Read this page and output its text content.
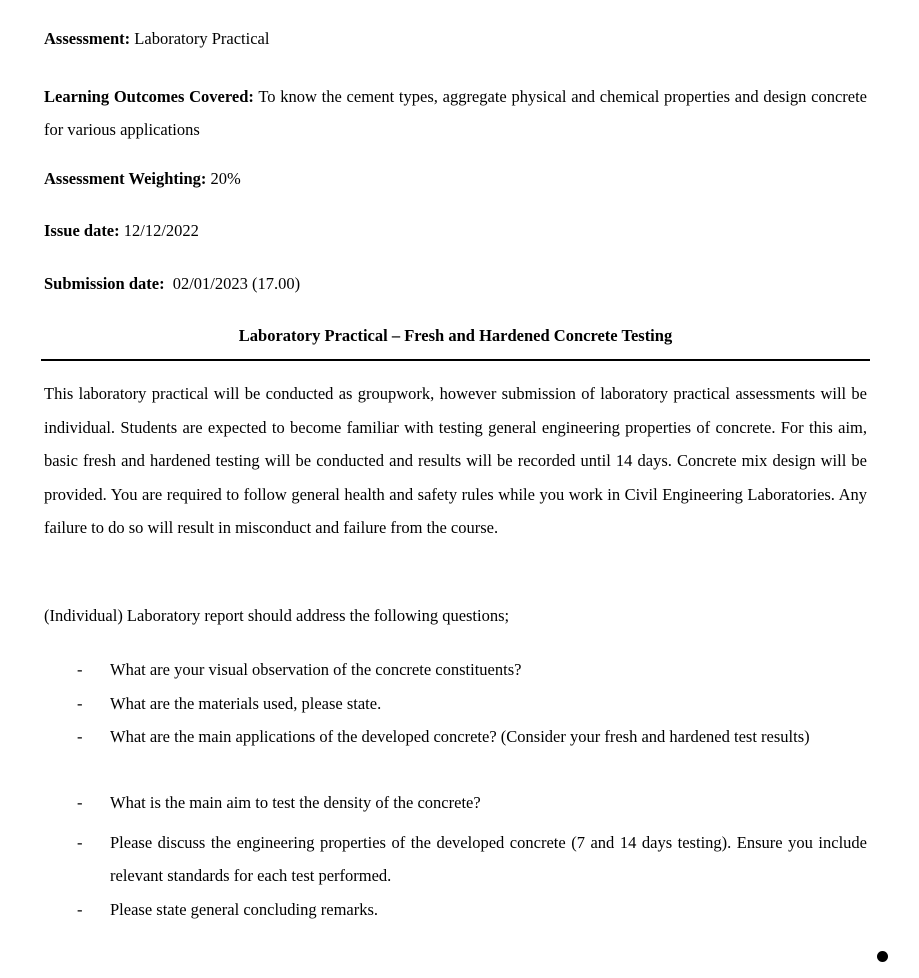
Assessment: Laboratory Practical
Learning Outcomes Covered: To know the cement types, aggregate physical and chemical properties and design concrete for various applications
Assessment Weighting: 20%
Issue date: 12/12/2022
Submission date: 02/01/2023 (17.00)
Laboratory Practical – Fresh and Hardened Concrete Testing
This laboratory practical will be conducted as groupwork, however submission of laboratory practical assessments will be individual. Students are expected to become familiar with testing general engineering properties of concrete. For this aim, basic fresh and hardened testing will be conducted and results will be recorded until 14 days. Concrete mix design will be provided. You are required to follow general health and safety rules while you work in Civil Engineering Laboratories. Any failure to do so will result in misconduct and failure from the course.
(Individual) Laboratory report should address the following questions;
- What are your visual observation of the concrete constituents?
- What are the materials used, please state.
- What are the main applications of the developed concrete? (Consider your fresh and hardened test results)
- What is the main aim to test the density of the concrete?
- Please discuss the engineering properties of the developed concrete (7 and 14 days testing). Ensure you include relevant standards for each test performed.
- Please state general concluding remarks.
